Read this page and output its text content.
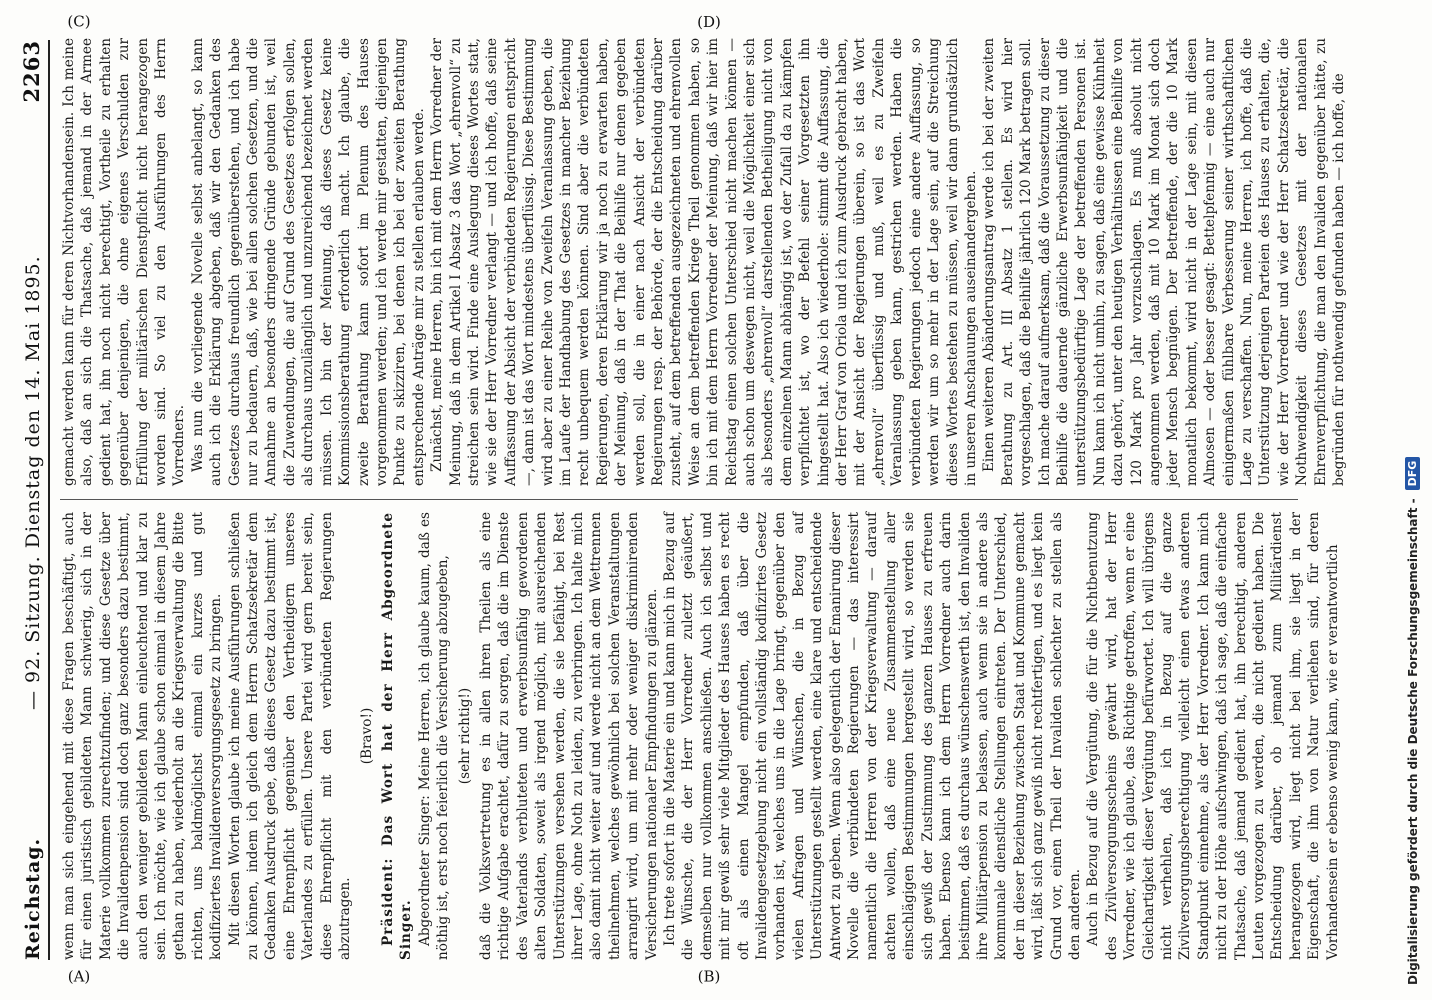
Reichstag.
— 92. Sitzung. Dienstag den 14. Mai 1895.
2263
(A)	(B)
(C)	(D)

wenn man sich eingehend mit diese Fragen beschäftigt, auch für einen juristisch gebildeten Mann schwierig, sich in der Materie vollkommen zurechtzufinden; und diese Gesetze über die Invalidenpension sind doch ganz besonders dazu bestimmt, auch den weniger gebildeten Mann einleuchtend und klar zu sein. Ich möchte, wie ich glaube schon einmal in diesem Jahre gethan zu haben, wiederholt an die Kriegsverwaltung die Bitte richten, uns baldmöglichst einmal ein kurzes und gut kodifiziertes Invalidenversorgungsgesetz zu bringen. Mit diesen Worten glaube ich meine Ausführungen schließen zu können, indem ich gleich dem Herrn Schatzsekretär dem Gedanken Ausdruck gebe, daß dieses Gesetz dazu bestimmt ist, eine Ehrenpflicht gegenüber den Vertheidigern unseres Vaterlandes zu erfüllen. Unsere Partei wird gern bereit sein, diese Ehrenpflicht mit den verbündeten Regierungen abzutragen.

(Bravo!) Präsident: Das Wort hat der Herr Abgeordnete Singer. Abgeordneter Singer: Meine Herren, ich glaube kaum, daß es nöthig ist, erst noch feierlich die Versicherung abzugeben, (sehr richtig!) daß die Volksvertretung es in allen ihren Theilen als eine richtige Aufgabe erachtet, dafür zu sorgen, daß die im Dienste des Vaterlands verbluteten und erwerbsunfähig gewordenen alten Soldaten, soweit als irgend möglich, mit ausreichenden Unterstützungen versehen werden, die sie befähigt, bei Rest ihrer Lage, ohne Noth zu leiden, zu verbringen. Ich halte mich also damit nicht weiter auf und werde nicht an dem Wettrennen theilnehmen, welches gewöhnlich bei solchen Veranstaltungen arrangirt wird, um mit mehr oder weniger diskriminirenden Versicherungen nationaler Empfindungen zu glänzen. Ich trete sofort in die Materie ein und kann mich in Bezug auf die Wünsche, die der Herr Vorredner zuletzt geäußert, demselben nur vollkommen anschließen. Auch ich selbst und mit mir gewiß sehr viele Mitglieder des Hauses haben es recht oft als einen Mangel empfunden, daß über die Invalidengesetzgebung nicht ein vollständig kodifizirtes Gesetz vorhanden ist, welches uns in die Lage bringt, gegenüber den vielen Anfragen und Wünschen, die in Bezug auf Unterstützungen gestellt werden, eine klare und entscheidende Antwort zu geben. Wenn also gelegentlich der Emanirung dieser Novelle die verbündeten Regierungen — das interessirt namentlich die Herren von der Kriegsverwaltung — darauf achten wollen, daß eine neue Zusammenstellung aller einschlägigen Bestimmungen hergestellt wird, so werden sie sich gewiß der Zustimmung des ganzen Hauses zu erfreuen haben. Ebenso kann ich dem Herrn Vorredner auch darin beistimmen, daß es durchaus wünschenswerth ist, den Invaliden ihre Militärpension zu belassen, auch wenn sie in andere als kommunale dienstliche Stellungen eintreten. Der Unterschied, der in dieser Beziehung zwischen Staat und Kommune gemacht wird, läßt sich ganz gewiß nicht rechtfertigen, und es liegt kein Grund vor, einen Theil der Invaliden schlechter zu stellen als den anderen. Auch in Bezug auf die Vergütung, die für die Nichtbenutzung des Zivilversorgungsscheins gewährt wird, hat der Herr Vorredner, wie ich glaube, das Richtige getroffen, wenn er eine Gleichartigkeit dieser Vergütung befürwortet. Ich will übrigens nicht verhehlen, daß ich in Bezug auf die ganze Zivilversorgungsberechtigung vielleicht einen etwas anderen Standpunkt einnehme, als der Herr Vorredner. Ich kann mich nicht zu der Höhe aufschwingen, daß ich sage, daß die einfache Thatsache, daß jemand gedient hat, ihn berechtigt, anderen Leuten vorgezogen zu werden, die nicht gedient haben. Die Entscheidung darüber, ob jemand zum Militärdienst herangezogen wird, liegt nicht bei ihm, sie liegt in der Eigenschaft, die ihm von Natur verliehen sind, für deren Vorhandensein er ebenso wenig kann, wie er verantwortlich

gemacht werden kann für deren Nichtvorhandensein. Ich meine also, daß an sich die Thatsache, daß jemand in der Armee gedient hat, ihn noch nicht berechtigt, Vortheile zu erhalten gegenüber denjenigen, die ohne eigenes Verschulden zur Erfüllung der militärischen Dienstpflicht nicht herangezogen worden sind. So viel zu den Ausführungen des Herrn Vorredners. Was nun die vorliegende Novelle selbst anbelangt, so kann auch ich die Erklärung abgeben, daß wir den Gedanken des Gesetzes durchaus freundlich gegenüberstehen, und ich habe nur zu bedauern, daß, wie bei allen solchen Gesetzen, und die Annahme an besonders dringende Gründe gebunden ist, weil die Zuwendungen, die auf Grund des Gesetzes erfolgen sollen, als durchaus unzulänglich und unzureichend bezeichnet werden müssen. Ich bin der Meinung, daß dieses Gesetz keine Kommissionsberathung erforderlich macht. Ich glaube, die zweite Berathung kann sofort im Plenum des Hauses vorgenommen werden; und ich werde mir gestatten, diejenigen Punkte zu skizziren, bei denen ich bei der zweiten Berathung entsprechende Anträge mir zu stellen erlauben werde. Zunächst, meine Herren, bin ich mit dem Herrn Vorredner der Meinung, daß in dem Artikel I Absatz 3 das Wort „ehrenvoll“ zu streichen sein wird. Finde eine Auslegung dieses Wortes statt, wie sie der Herr Vorredner verlangt — und ich hoffe, daß seine Auffassung der Absicht der verbündeten Regierungen entspricht —, dann ist das Wort mindestens überflüssig. Diese Bestimmung wird aber zu einer Reihe von Zweifeln Veranlassung geben, die im Laufe der Handhabung des Gesetzes in mancher Beziehung recht unbequem werden können. Sind aber die verbündeten Regierungen, deren Erklärung wir ja noch zu erwarten haben, der Meinung, daß in der That die Beihilfe nur denen gegeben werden soll, die in einer nach Ansicht der verbündeten Regierungen resp. der Behörde, der die Entscheidung darüber zusteht, auf dem betreffenden ausgezeichneten und ehrenvollen Weise an dem betreffenden Kriege Theil genommen haben, so bin ich mit dem Herrn Vorredner der Meinung, daß wir hier im Reichstag einen solchen Unterschied nicht machen können — auch schon um deswegen nicht, weil die Möglichkeit einer sich als besonders „ehrenvoll“ darstellenden Betheiligung nicht von dem einzelnen Mann abhängig ist, wo der Zufall da zu kämpfen verpflichtet ist, wo der Befehl seiner Vorgesetzten ihn hingestellt hat. Also ich wiederhole: stimmt die Auffassung, die der Herr Graf von Oriola und ich zum Ausdruck gebracht haben, mit der Ansicht der Regierungen überein, so ist das Wort „ehrenvoll“ überflüssig und muß, weil es zu Zweifeln Veranlassung geben kann, gestrichen werden. Haben die verbündeten Regierungen jedoch eine andere Auffassung, so werden wir um so mehr in der Lage sein, auf die Streichung dieses Wortes bestehen zu müssen, weil wir dann grundsätzlich in unseren Anschauungen auseinandergehen. Einen weiteren Abänderungsantrag werde ich bei der zweiten Berathung zu Art. III Absatz 1 stellen. Es wird hier vorgeschlagen, daß die Beihilfe jährlich 120 Mark betragen soll. Ich mache darauf aufmerksam, daß die Voraussetzung zu dieser Beihilfe die dauernde gänzliche Erwerbsunfähigkeit und die unterstützungsbedürftige Lage der betreffenden Personen ist. Nun kann ich nicht umhin, zu sagen, daß eine gewisse Kühnheit dazu gehört, unter den heutigen Verhältnissen eine Beihilfe von 120 Mark pro Jahr vorzuschlagen. Es muß absolut nicht angenommen werden, daß mit 10 Mark im Monat sich doch jeder Mensch begnügen. Der Betreffende, der die 10 Mark monatlich bekommt, wird nicht in der Lage sein, mit diesen Almosen — oder besser gesagt: Bettelpfennig — eine auch nur einigermaßen fühlbare Verbesserung seiner wirthschaftlichen Lage zu verschaffen. Nun, meine Herren, ich hoffe, daß die Unterstützung derjenigen Parteien des Hauses zu erhalten, die, wie der Herr Vorredner und wie der Herr Schatzsekretär, die Nothwendigkeit dieses Gesetzes mit der nationalen Ehrenverpflichtung, die man den Invaliden gegenüber hätte, zu begründen für nothwendig gefunden haben — ich hoffe, die

Digitalisierung gefördert durch die Deutsche Forschungsgemeinschaft -
DFG
